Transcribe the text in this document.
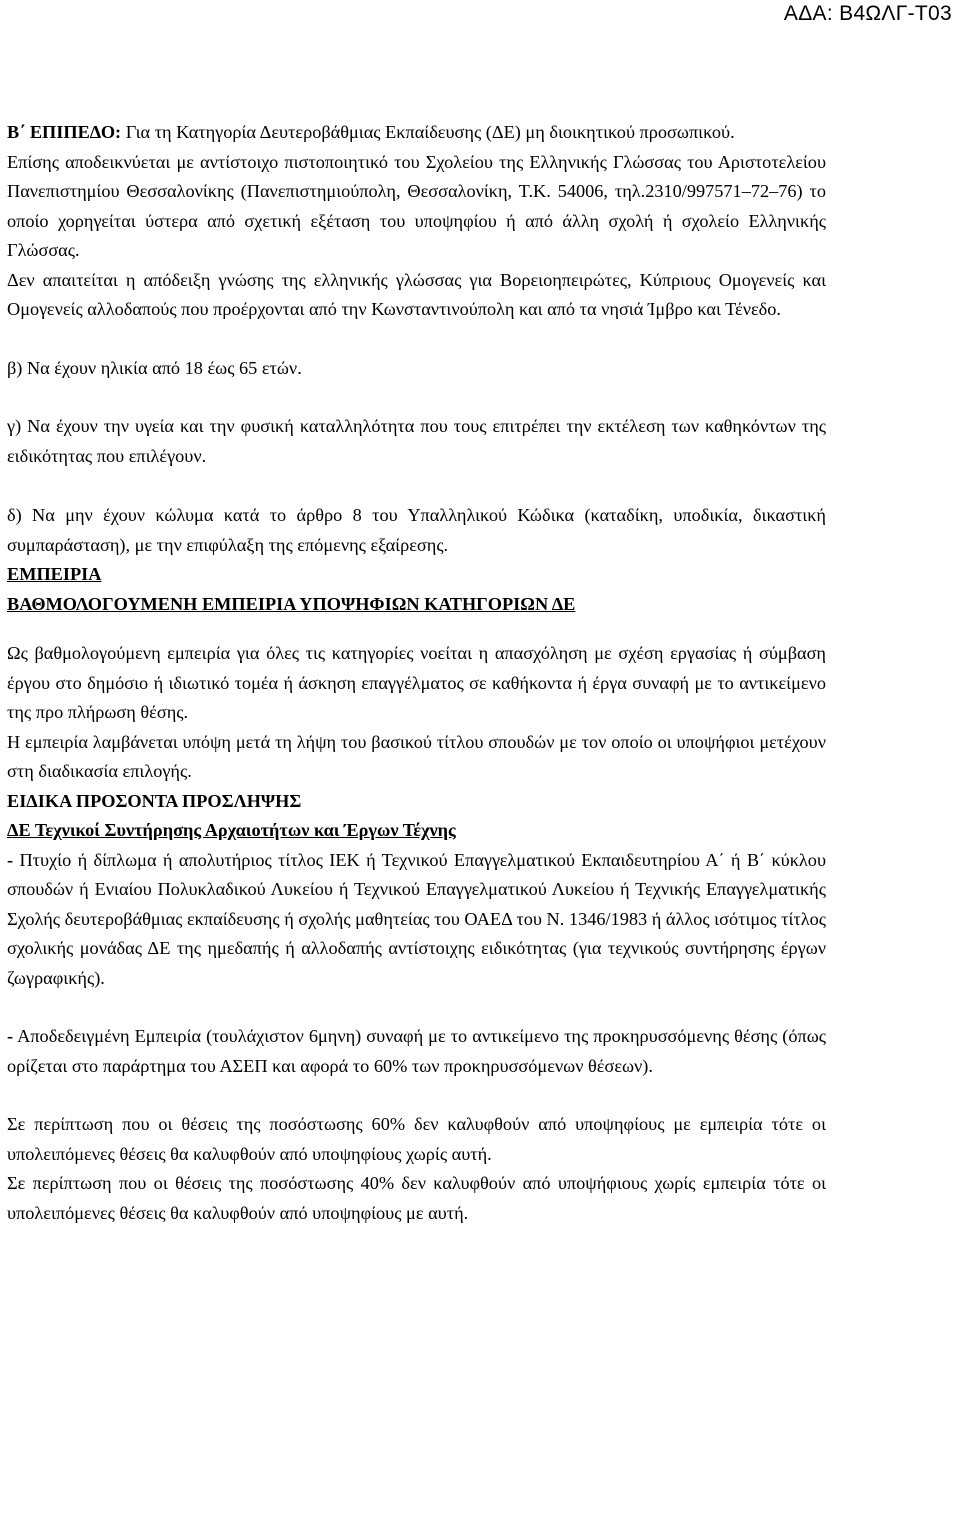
ΑΔΑ: Β4ΩΛΓ-Τ03

Β΄ ΕΠΙΠΕΔΟ: Για τη Κατηγορία Δευτεροβάθμιας Εκπαίδευσης (ΔΕ) μη διοικητικού προσωπικού.

Επίσης αποδεικνύεται με αντίστοιχο πιστοποιητικό του Σχολείου της Ελληνικής Γλώσσας του Αριστοτελείου Πανεπιστημίου Θεσσαλονίκης (Πανεπιστημιούπολη, Θεσσαλονίκη, Τ.Κ. 54006, τηλ.2310/997571–72–76) το οποίο χορηγείται ύστερα από σχετική εξέταση του υποψηφίου ή από άλλη σχολή ή σχολείο Ελληνικής Γλώσσας.

Δεν απαιτείται η απόδειξη γνώσης της ελληνικής γλώσσας για Βορειοηπειρώτες, Κύπριους Ομογενείς και Ομογενείς αλλοδαπούς που προέρχονται από την Κωνσταντινούπολη και από τα νησιά Ίμβρο και Τένεδο.

β) Να έχουν ηλικία από 18 έως 65 ετών.

γ) Να έχουν την υγεία και την φυσική καταλληλότητα που τους επιτρέπει την εκτέλεση των καθηκόντων της ειδικότητας που επιλέγουν.

δ) Να μην έχουν κώλυμα κατά το άρθρο 8 του Υπαλληλικού Κώδικα (καταδίκη, υποδικία, δικαστική συμπαράσταση), με την επιφύλαξη της επόμενης εξαίρεσης.

ΕΜΠΕΙΡΙΑ

ΒΑΘΜΟΛΟΓΟΥΜΕΝΗ ΕΜΠΕΙΡΙΑ ΥΠΟΨΗΦΙΩΝ ΚΑΤΗΓΟΡΙΩΝ ΔΕ

Ως βαθμολογούμενη εμπειρία για όλες τις κατηγορίες νοείται η απασχόληση με σχέση εργασίας ή σύμβαση έργου στο δημόσιο ή ιδιωτικό τομέα ή άσκηση επαγγέλματος σε καθήκοντα ή έργα συναφή με το αντικείμενο της προ πλήρωση θέσης.

Η εμπειρία λαμβάνεται υπόψη μετά τη λήψη του βασικού τίτλου σπουδών με τον οποίο οι υποψήφιοι μετέχουν στη διαδικασία επιλογής.

ΕΙΔΙΚΑ ΠΡΟΣΟΝΤΑ ΠΡΟΣΛΗΨΗΣ

ΔΕ Τεχνικοί Συντήρησης Αρχαιοτήτων και Έργων Τέχνης

- Πτυχίο ή δίπλωμα ή απολυτήριος τίτλος ΙΕΚ ή Τεχνικού Επαγγελματικού Εκπαιδευτηρίου Α΄ ή Β΄ κύκλου σπουδών ή Ενιαίου Πολυκλαδικού Λυκείου ή Τεχνικού Επαγγελματικού Λυκείου ή Τεχνικής Επαγγελματικής Σχολής δευτεροβάθμιας εκπαίδευσης ή σχολής μαθητείας του ΟΑΕΔ του Ν. 1346/1983 ή άλλος ισότιμος τίτλος σχολικής μονάδας ΔΕ της ημεδαπής ή αλλοδαπής αντίστοιχης ειδικότητας (για τεχνικούς συντήρησης έργων ζωγραφικής).

- Αποδεδειγμένη Εμπειρία (τουλάχιστον 6μηνη) συναφή με το αντικείμενο της προκηρυσσόμενης θέσης (όπως ορίζεται στο παράρτημα του ΑΣΕΠ και αφορά το 60% των προκηρυσσόμενων θέσεων).

Σε περίπτωση που οι θέσεις της ποσόστωσης 60% δεν καλυφθούν από υποψηφίους με εμπειρία τότε οι υπολειπόμενες θέσεις θα καλυφθούν από υποψηφίους χωρίς αυτή.

Σε περίπτωση που οι θέσεις της ποσόστωσης 40% δεν καλυφθούν από υποψήφιους χωρίς εμπειρία τότε οι υπολειπόμενες θέσεις θα καλυφθούν από υποψηφίους με αυτή.
